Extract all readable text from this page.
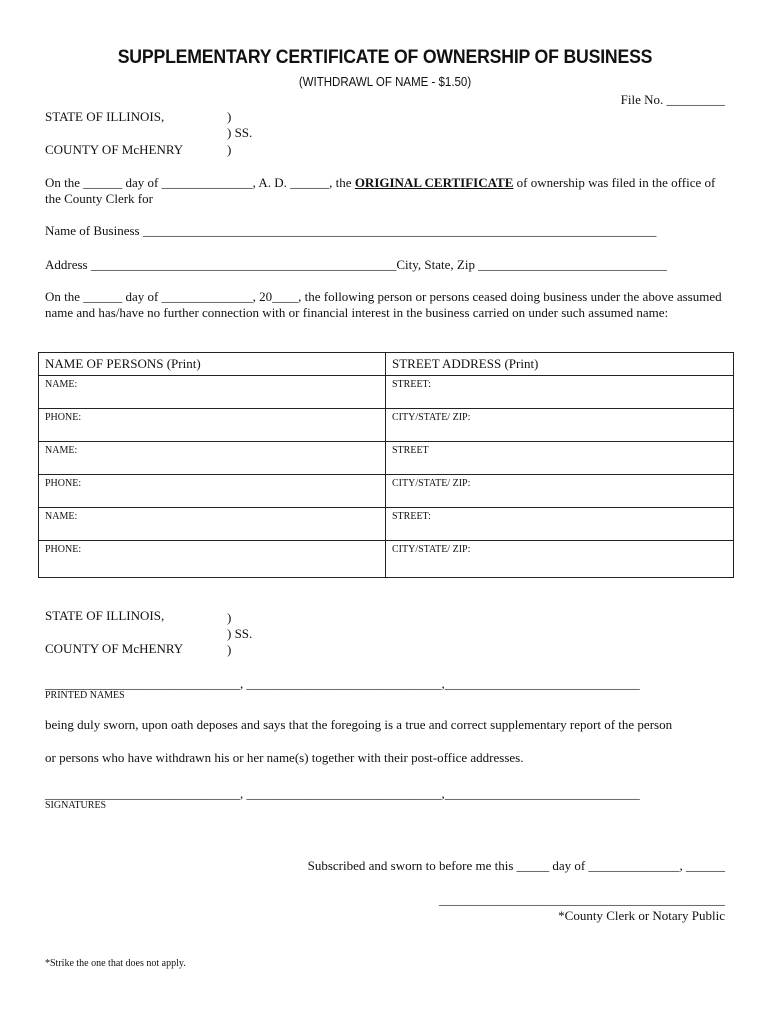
SUPPLEMENTARY CERTIFICATE OF OWNERSHIP OF BUSINESS
(WITHDRAWL OF NAME - $1.50)
File No. _________
STATE OF ILLINOIS,
COUNTY OF McHENRY
)
) SS.
)
On the ______ day of ______________, A. D. ______, the ORIGINAL CERTIFICATE of ownership was filed in the office of the County Clerk for
Name of Business _______________________________________________________________________________
Address _______________________________________________City, State, Zip _____________________________
On the ______ day of ______________, 20____, the following person or persons ceased doing business under the above assumed name and has/have no further connection with or financial interest in the business carried on under such assumed name:
NAME OF PERSONS (Print)	STREET ADDRESS (Print)
NAME:	STREET:
PHONE:	CITY/STATE/ ZIP:
NAME:	STREET
PHONE:	CITY/STATE/ ZIP:
NAME:	STREET:
PHONE:	CITY/STATE/ ZIP:
STATE OF ILLINOIS,
COUNTY OF McHENRY
)
) SS.
)
______________________________, ______________________________,______________________________
PRINTED NAMES
being duly sworn, upon oath deposes and says that the foregoing is a true and correct supplementary report of the person
or persons who have withdrawn his or her name(s) together with their post-office addresses.
______________________________, ______________________________,______________________________
SIGNATURES
Subscribed and sworn to before me this _____ day of ______________, ______
____________________________________________
*County Clerk or Notary Public
*Strike the one that does not apply.
